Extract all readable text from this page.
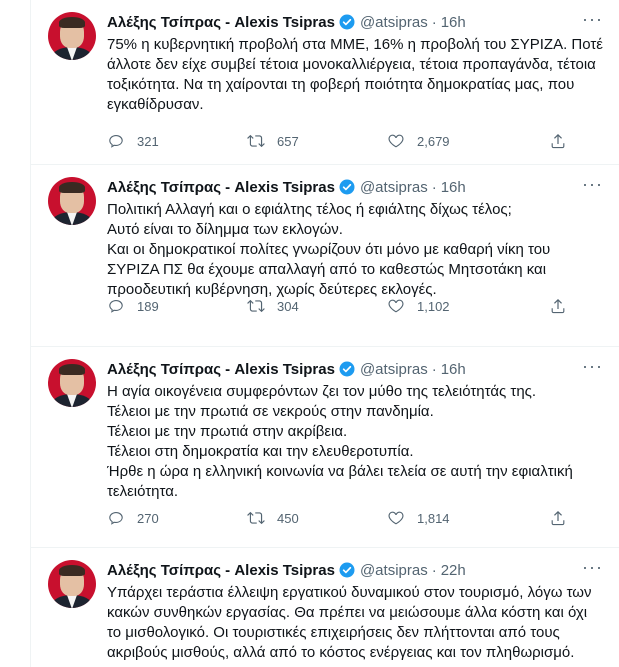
Αλέξης Τσίπρας - Alexis Tsipras @atsipras · 16h	···
75% η κυβερνητική προβολή στα ΜΜΕ, 16% η προβολή του ΣΥΡΙΖΑ. Ποτέ άλλοτε δεν είχε συμβεί τέτοια μονοκαλλιέργεια, τέτοια προπαγάνδα, τέτοια τοξικότητα. Να τη χαίρονται τη φοβερή ποιότητα δημοκρατίας μας, που εγκαθίδρυσαν.
321	657	2,679
Αλέξης Τσίπρας - Alexis Tsipras @atsipras · 16h	···
Πολιτική Αλλαγή και ο εφιάλτης τέλος ή εφιάλτης δίχως τέλος;
Αυτό είναι το δίλημμα των εκλογών.
Και οι δημοκρατικοί πολίτες γνωρίζουν ότι μόνο με καθαρή νίκη του ΣΥΡΙΖΑ ΠΣ θα έχουμε απαλλαγή από το καθεστώς Μητσοτάκη και προοδευτική κυβέρνηση, χωρίς δεύτερες εκλογές.
189	304	1,102
Αλέξης Τσίπρας - Alexis Tsipras @atsipras · 16h	···
Η αγία οικογένεια συμφερόντων ζει τον μύθο της τελειότητάς της.
Τέλειοι με την πρωτιά σε νεκρούς στην πανδημία.
Τέλειοι με την πρωτιά στην ακρίβεια.
Τέλειοι στη δημοκρατία και την ελευθεροτυπία.
Ήρθε η ώρα η ελληνική κοινωνία να βάλει τελεία σε αυτή την εφιαλτική τελειότητα.
270	450	1,814
Αλέξης Τσίπρας - Alexis Tsipras @atsipras · 22h	···
Υπάρχει τεράστια έλλειψη εργατικού δυναμικού στον τουρισμό, λόγω των κακών συνθηκών εργασίας. Θα πρέπει να μειώσουμε άλλα κόστη και όχι το μισθολογικό. Οι τουριστικές επιχειρήσεις δεν πλήττονται από τους ακριβούς μισθούς, αλλά από το κόστος ενέργειας και τον πληθωρισμό.
